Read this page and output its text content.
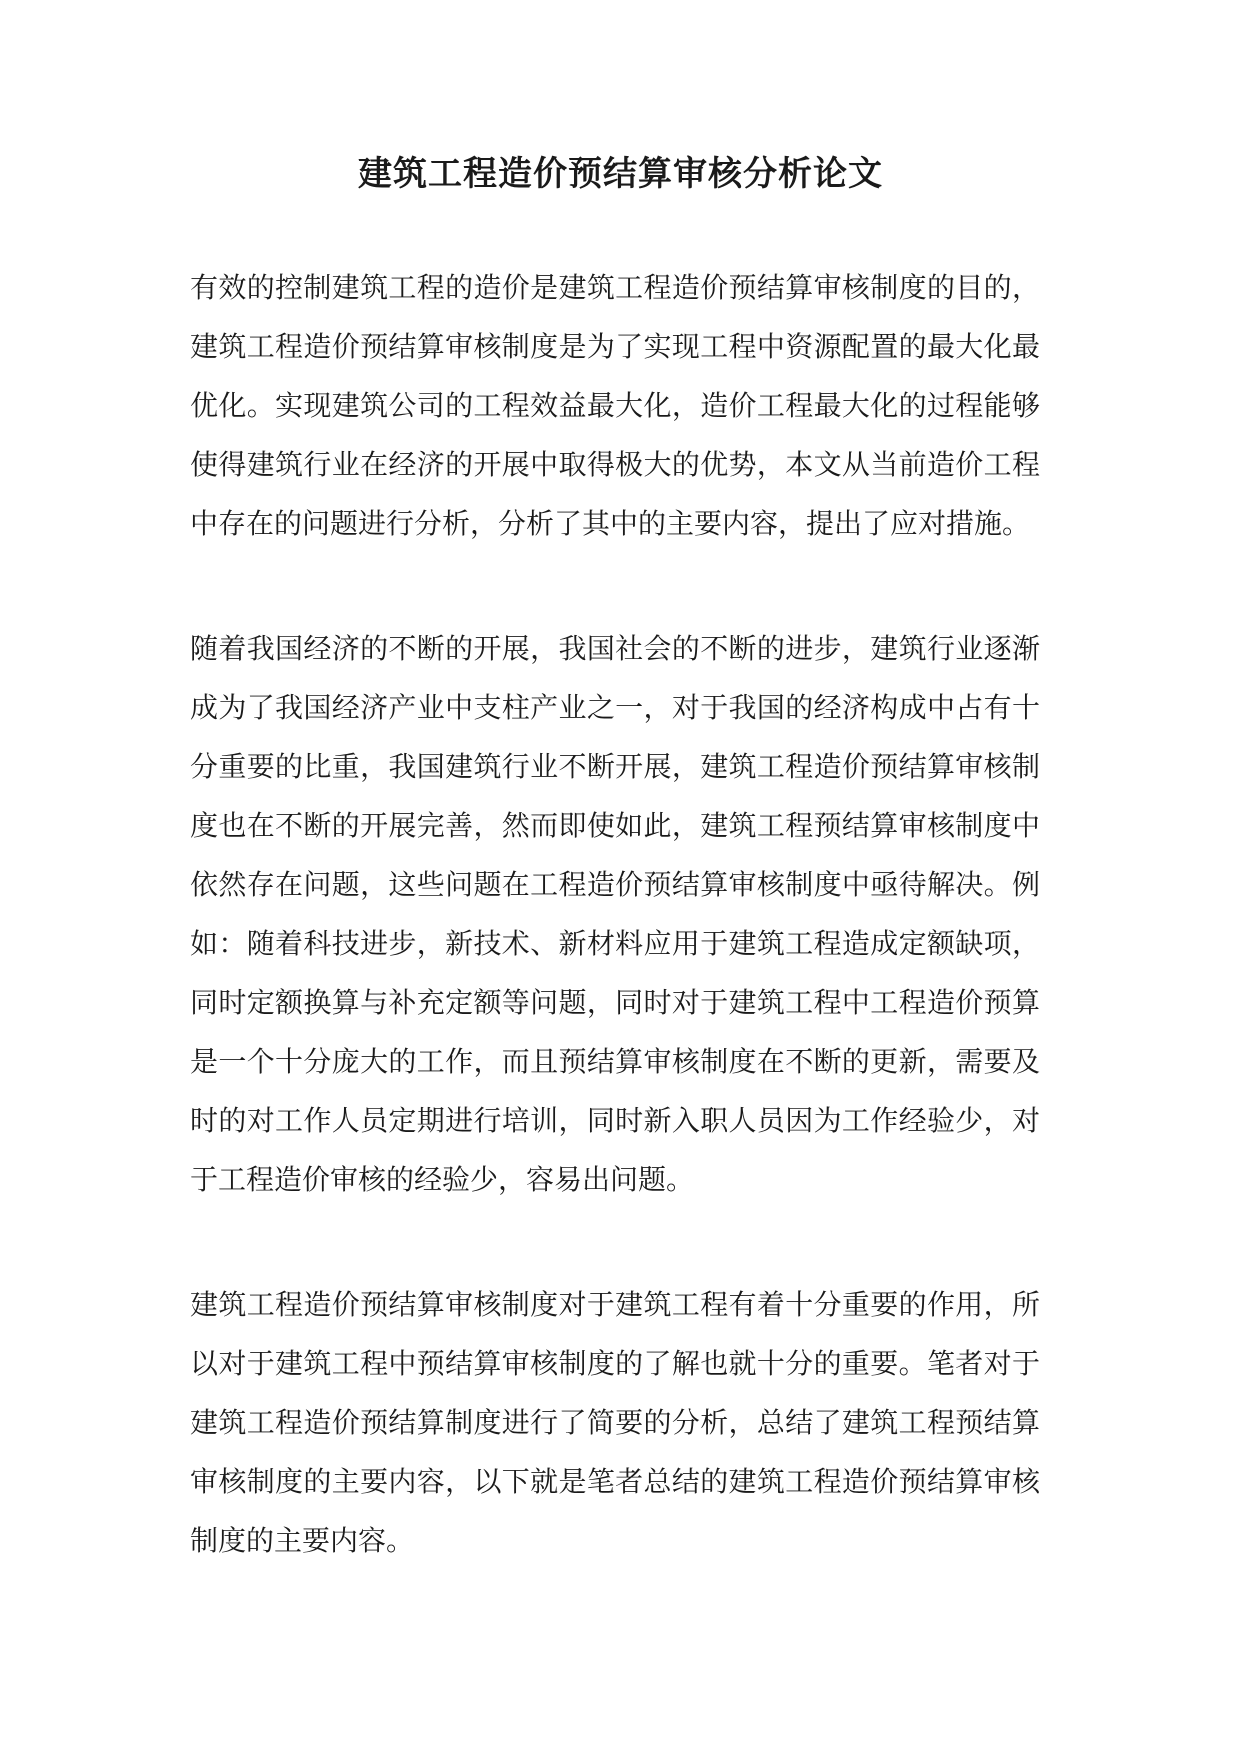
建筑工程造价预结算审核分析论文

有效的控制建筑工程的造价是建筑工程造价预结算审核制度的目的，建筑工程造价预结算审核制度是为了实现工程中资源配置的最大化最优化。实现建筑公司的工程效益最大化，造价工程最大化的过程能够使得建筑行业在经济的开展中取得极大的优势，本文从当前造价工程中存在的问题进行分析，分析了其中的主要内容，提出了应对措施。

随着我国经济的不断的开展，我国社会的不断的进步，建筑行业逐渐成为了我国经济产业中支柱产业之一，对于我国的经济构成中占有十分重要的比重，我国建筑行业不断开展，建筑工程造价预结算审核制度也在不断的开展完善，然而即使如此，建筑工程预结算审核制度中依然存在问题，这些问题在工程造价预结算审核制度中亟待解决。例如：随着科技进步，新技术、新材料应用于建筑工程造成定额缺项，同时定额换算与补充定额等问题，同时对于建筑工程中工程造价预算是一个十分庞大的工作，而且预结算审核制度在不断的更新，需要及时的对工作人员定期进行培训，同时新入职人员因为工作经验少，对于工程造价审核的经验少，容易出问题。

建筑工程造价预结算审核制度对于建筑工程有着十分重要的作用，所以对于建筑工程中预结算审核制度的了解也就十分的重要。笔者对于建筑工程造价预结算制度进行了简要的分析，总结了建筑工程预结算审核制度的主要内容，以下就是笔者总结的建筑工程造价预结算审核制度的主要内容。
